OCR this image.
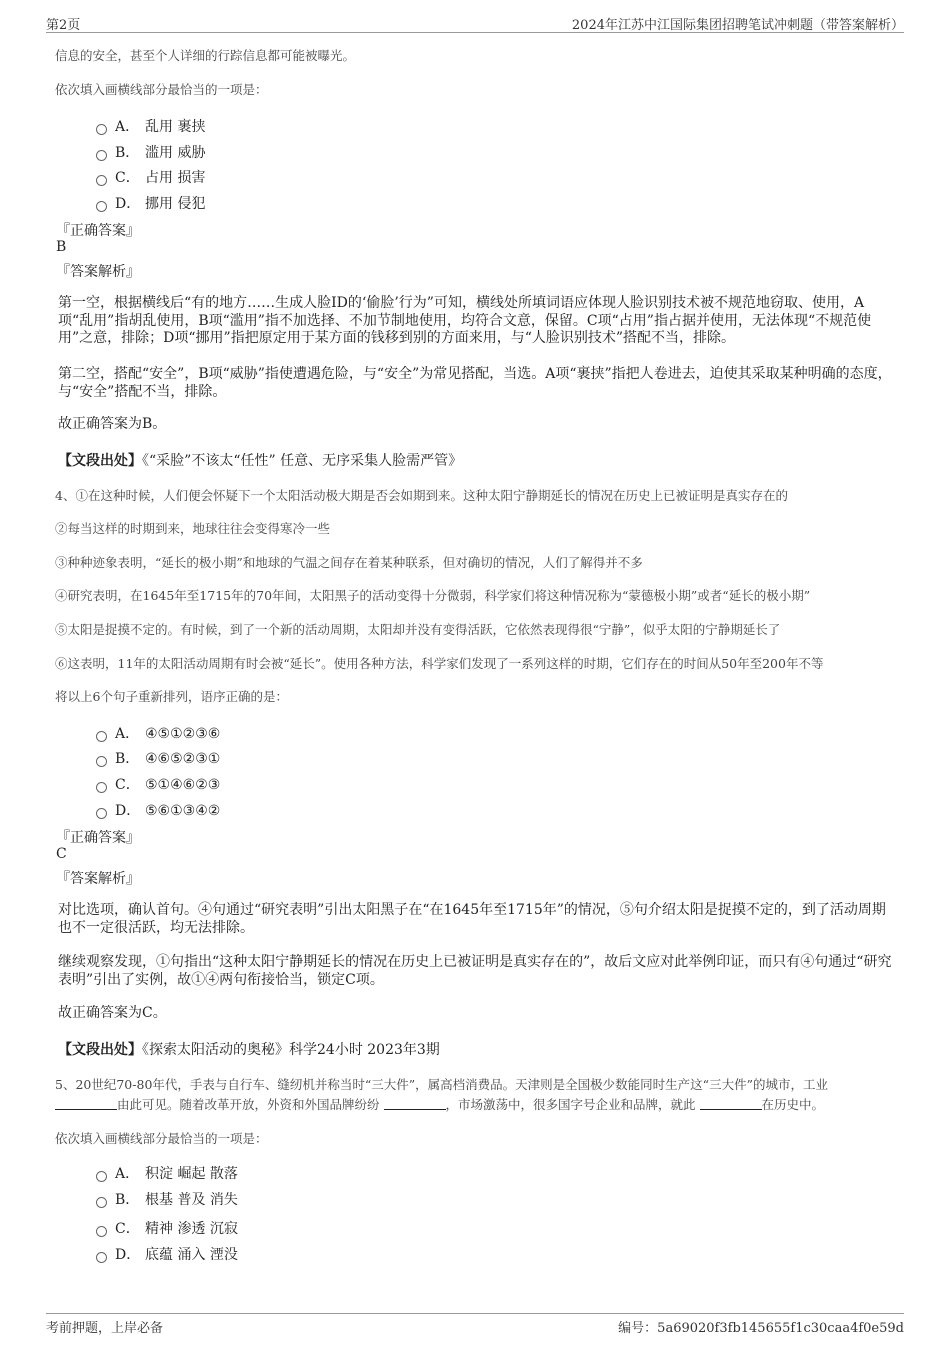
第2页	2024年江苏中江国际集团招聘笔试冲刺题（带答案解析）
信息的安全，甚至个人详细的行踪信息都可能被曝光。
依次填入画横线部分最恰当的一项是：
A． 乱用 裹挟
B． 滥用 威胁
C． 占用 损害
D． 挪用 侵犯
『正确答案』
B
『答案解析』
第一空，根据横线后“有的地方……生成人脸ID的‘偷脸’行为”可知，横线处所填词语应体现人脸识别技术被不规范地窃取、使用，A项“乱用”指胡乱使用，B项“滥用”指不加选择、不加节制地使用，均符合文意，保留。C项“占用”指占据并使用，无法体现“不规范使用”之意，排除；D项“挪用”指把原定用于某方面的钱移到别的方面来用，与“人脸识别技术”搭配不当，排除。
第二空，搭配“安全”，B项“威胁”指使遭遇危险，与“安全”为常见搭配，当选。A项“裹挟”指把人卷进去，迫使其采取某种明确的态度，与“安全”搭配不当，排除。
故正确答案为B。
【文段出处】《“采脸”不该太“任性” 任意、无序采集人脸需严管》
4、①在这种时候，人们便会怀疑下一个太阳活动极大期是否会如期到来。这种太阳宁静期延长的情况在历史上已被证明是真实存在的
②每当这样的时期到来，地球往往会变得寒冷一些
③种种迹象表明，“延长的极小期”和地球的气温之间存在着某种联系，但对确切的情况，人们了解得并不多
④研究表明，在1645年至1715年的70年间，太阳黑子的活动变得十分微弱，科学家们将这种情况称为“蒙德极小期”或者“延长的极小期”
⑤太阳是捉摸不定的。有时候，到了一个新的活动周期，太阳却并没有变得活跃，它依然表现得很“宁静”，似乎太阳的宁静期延长了
⑥这表明，11年的太阳活动周期有时会被“延长”。使用各种方法，科学家们发现了一系列这样的时期，它们存在的时间从50年至200年不等
将以上6个句子重新排列，语序正确的是：
A． ④⑤①②③⑥
B． ④⑥⑤②③①
C． ⑤①④⑥②③
D． ⑤⑥①③④②
『正确答案』
C
『答案解析』
对比选项，确认首句。④句通过“研究表明”引出太阳黑子在“在1645年至1715年”的情况，⑤句介绍太阳是捉摸不定的，到了活动周期也不一定很活跃，均无法排除。
继续观察发现，①句指出“这种太阳宁静期延长的情况在历史上已被证明是真实存在的”，故后文应对此举例印证，而只有④句通过“研究表明”引出了实例，故①④两句衔接恰当，锁定C项。
故正确答案为C。
【文段出处】《探索太阳活动的奥秘》科学24小时 2023年3期
5、20世纪70-80年代，手表与自行车、缝纫机并称当时“三大件”，属高档消费品。天津则是全国极少数能同时生产这“三大件”的城市，工业
由此可见。随着改革开放，外资和外国品牌纷纷	，市场激荡中，很多国字号企业和品牌，就此	在历史中。
依次填入画横线部分最恰当的一项是：
A． 积淀 崛起 散落
B． 根基 普及 消失
C． 精神 渗透 沉寂
D． 底蕴 涌入 湮没
考前押题，上岸必备	编号：5a69020f3fb145655f1c30caa4f0e59d
